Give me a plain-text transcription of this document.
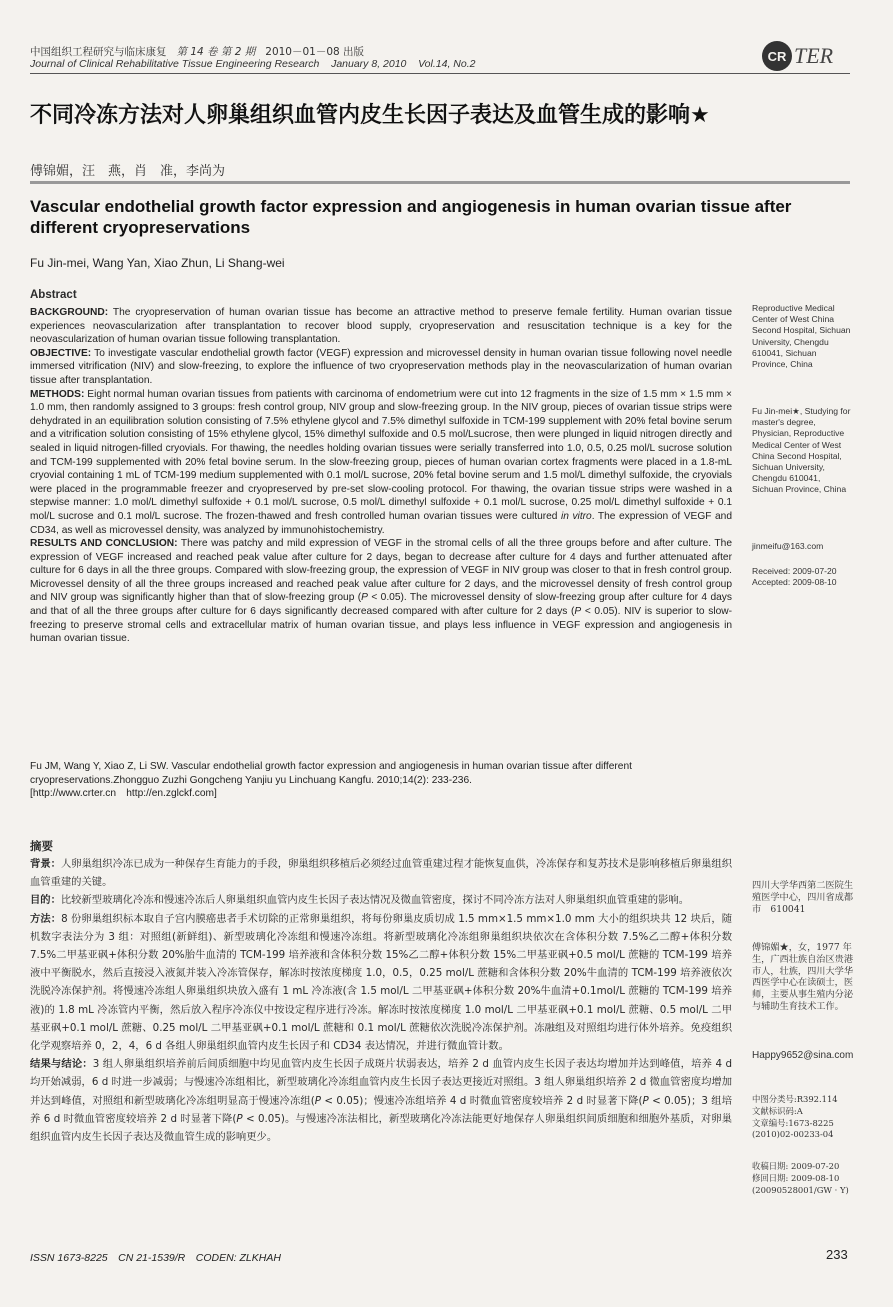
中国组织工程研究与临床康复 第 14 卷 第 2 期 2010－01－08 出版
Journal of Clinical Rehabilitative Tissue Engineering Research January 8, 2010 Vol.14, No.2
CR TER
不同冷冻方法对人卵巢组织血管内皮生长因子表达及血管生成的影响★
傅锦媚，汪　燕，肖　准，李尚为
Vascular endothelial growth factor expression and angiogenesis in human ovarian tissue after different cryopreservations
Fu Jin-mei, Wang Yan, Xiao Zhun, Li Shang-wei
Abstract

BACKGROUND: The cryopreservation of human ovarian tissue has become an attractive method to preserve female fertility. Human ovarian tissue experiences neovascularization after transplantation to recover blood supply, cryopreservation and resuscitation technique is a key for the neovascularization of human ovarian tissue following transplantation.

OBJECTIVE: To investigate vascular endothelial growth factor (VEGF) expression and microvessel density in human ovarian tissue following novel needle immersed vitrification (NIV) and slow-freezing, to explore the influence of two cryopreservation methods play in the neovascularization of human ovarian tissue after transplantation.

METHODS: Eight normal human ovarian tissues from patients with carcinoma of endometrium were cut into 12 fragments in the size of 1.5 mm × 1.5 mm × 1.0 mm, then randomly assigned to 3 groups: fresh control group, NIV group and slow-freezing group. In the NIV group, pieces of ovarian tissue strips were dehydrated in an equilibration solution consisting of 7.5% ethylene glycol and 7.5% dimethyl sulfoxide in TCM-199 supplement with 20% fetal bovine serum and a vitrification solution consisting of 15% ethylene glycol, 15% dimethyl sulfoxide and 0.5 mol/Lsucrose, then were plunged in liquid nitrogen directly and sealed in liquid nitrogen-filled cryovials. For thawing, the needles holding ovarian tissues were serially transferred into 1.0, 0.5, 0.25 mol/L sucrose solution and TCM-199 supplemented with 20% fetal bovine serum. In the slow-freezing group, pieces of human ovarian cortex fragments were placed in a 1.8-mL cryovial containing 1 mL of TCM-199 medium supplemented with 0.1 mol/L sucrose, 20% fetal bovine serum and 1.5 mol/L dimethyl sulfoxide, the cryovials were placed in the programmable freezer and cryopreserved by pre-set slow-cooling protocol. For thawing, the ovarian tissue strips were washed in a stepwise manner: 1.0 mol/L dimethyl sulfoxide + 0.1 mol/L sucrose, 0.5 mol/L dimethyl sulfoxide + 0.1 mol/L sucrose, 0.25 mol/L dimethyl sulfoxide + 0.1 mol/L sucrose and 0.1 mol/L sucrose. The frozen-thawed and fresh controlled human ovarian tissues were cultured in vitro. The expression of VEGF and CD34, as well as microvessel density, was analyzed by immunohistochemistry.

RESULTS AND CONCLUSION: There was patchy and mild expression of VEGF in the stromal cells of all the three groups before and after culture. The expression of VEGF increased and reached peak value after culture for 2 days, began to decrease after culture for 4 days and further attenuated after culture for 6 days in all the three groups. Compared with slow-freezing group, the expression of VEGF in NIV group was closer to that in fresh control group. Microvessel density of all the three groups increased and reached peak value after culture for 2 days, and the microvessel density of fresh control group and NIV group was significantly higher than that of slow-freezing group (P < 0.05). The microvessel density of slow-freezing group after culture for 4 days and that of all the three groups after culture for 6 days significantly decreased compared with after culture for 2 days (P < 0.05). NIV is superior to slow-freezing to preserve stromal cells and extracellular matrix of human ovarian tissue, and plays less influence in VEGF expression and angiogenesis in human ovarian tissue.

Fu JM, Wang Y, Xiao Z, Li SW. Vascular endothelial growth factor expression and angiogenesis in human ovarian tissue after different cryopreservations.Zhongguo Zuzhi Gongcheng Yanjiu yu Linchuang Kangfu. 2010;14(2): 233-236.
[http://www.crter.cn　http://en.zglckf.com]
Reproductive Medical Center of West China Second Hospital, Sichuan University, Chengdu 610041, Sichuan Province, China
Fu Jin-mei★, Studying for master's degree, Physician, Reproductive Medical Center of West China Second Hospital, Sichuan University, Chengdu 610041, Sichuan Province, China
jinmeifu@163.com
Received: 2009-07-20
Accepted: 2009-08-10
摘要

背景：人卵巢组织冷冻已成为一种保存生育能力的手段，卵巢组织移植后必须经过血管重建过程才能恢复血供，冷冻保存和复苏技术是影响移植后卵巢组织血管重建的关键。

目的：比较新型玻璃化冷冻和慢速冷冻后人卵巢组织血管内皮生长因子表达情况及微血管密度，探讨不同冷冻方法对人卵巢组织血管重建的影响。

方法：8 份卵巢组织标本取自子宫内膜癌患者手术切除的正常卵巢组织，将每份卵巢皮质切成 1.5 mm×1.5 mm×1.0 mm 大小的组织块共 12 块后，随机数字表法分为 3 组：对照组(新鲜组)、新型玻璃化冷冻组和慢速冷冻组。将新型玻璃化冷冻组卵巢组织块依次在含体积分数 7.5%乙二醇+体积分数 7.5%二甲基亚砜+体积分数 20%胎牛血清的 TCM-199 培养液和含体积分数 15%乙二醇+体积分数 15%二甲基亚砜+0.5 mol/L 蔗糖的 TCM-199 培养液中平衡脱水，然后直接浸入液氮并装入冷冻管保存，解冻时按浓度梯度 1.0，0.5，0.25 mol/L 蔗糖和含体积分数 20%牛血清的 TCM-199 培养液依次洗脱冷冻保护剂。将慢速冷冻组人卵巢组织块放入盛有 1 mL 冷冻液(含 1.5 mol/L 二甲基亚砜+体积分数 20%牛血清+0.1mol/L 蔗糖的 TCM-199 培养液)的 1.8 mL 冷冻管内平衡，然后放入程序冷冻仪中按设定程序进行冷冻。解冻时按浓度梯度 1.0 mol/L 二甲基亚砜+0.1 mol/L 蔗糖、0.5 mol/L 二甲基亚砜+0.1 mol/L 蔗糖、0.25 mol/L 二甲基亚砜+0.1 mol/L 蔗糖和 0.1 mol/L 蔗糖依次洗脱冷冻保护剂。冻融组及对照组均进行体外培养。免疫组织化学观察培养 0，2，4，6 d 各组人卵巢组织血管内皮生长因子和 CD34 表达情况，并进行微血管计数。

结果与结论：3 组人卵巢组织培养前后间质细胞中均见血管内皮生长因子成斑片状弱表达，培养 2 d 血管内皮生长因子表达均增加并达到峰值，培养 4 d 均开始减弱，6 d 时进一步减弱；与慢速冷冻组相比，新型玻璃化冷冻组血管内皮生长因子表达更接近对照组。3 组人卵巢组织培养 2 d 微血管密度均增加并达到峰值，对照组和新型玻璃化冷冻组明显高于慢速冷冻组(P < 0.05)；慢速冷冻组培养 4 d 时微血管密度较培养 2 d 时显著下降(P < 0.05)；3 组培养 6 d 时微血管密度较培养 2 d 时显著下降(P < 0.05)。与慢速冷冻法相比，新型玻璃化冷冻法能更好地保存人卵巢组织间质细胞和细胞外基质，对卵巢组织血管内皮生长因子表达及微血管生成的影响更少。

四川大学华西第二医院生殖医学中心，四川省成都市　610041
傅锦媚★，女，1977 年生，广西壮族自治区贵港市人，壮族，四川大学华西医学中心在读硕士，医师，主要从事生殖内分泌与辅助生育技术工作。
Happy9652@sina.com
中图分类号:R392.114
文献标识码:A
文章编号:1673-8225 (2010)02-00233-04
收稿日期: 2009-07-20
修回日期: 2009-08-10
(20090528001/GW · Y)
ISSN 1673-8225　CN 21-1539/R　CODEN: ZLKHAH	233
